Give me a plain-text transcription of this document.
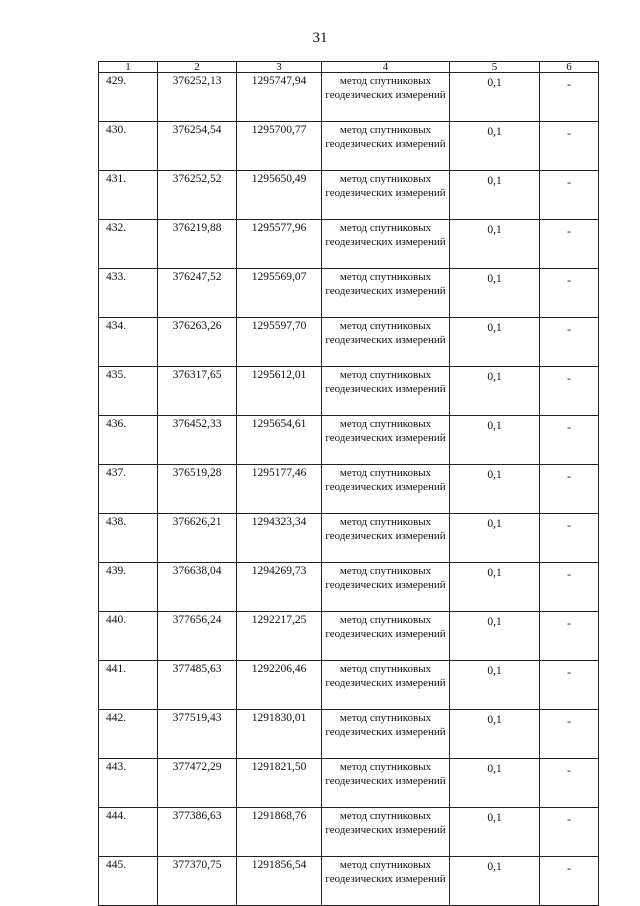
31
1	2	3	4	5	6
429.	376252,13	1295747,94	метод спутниковых геодезических измерений	0,1	-
430.	376254,54	1295700,77	метод спутниковых геодезических измерений	0,1	-
431.	376252,52	1295650,49	метод спутниковых геодезических измерений	0,1	-
432.	376219,88	1295577,96	метод спутниковых геодезических измерений	0,1	-
433.	376247,52	1295569,07	метод спутниковых геодезических измерений	0,1	-
434.	376263,26	1295597,70	метод спутниковых геодезических измерений	0,1	-
435.	376317,65	1295612,01	метод спутниковых геодезических измерений	0,1	-
436.	376452,33	1295654,61	метод спутниковых геодезических измерений	0,1	-
437.	376519,28	1295177,46	метод спутниковых геодезических измерений	0,1	-
438.	376626,21	1294323,34	метод спутниковых геодезических измерений	0,1	-
439.	376638,04	1294269,73	метод спутниковых геодезических измерений	0,1	-
440.	377656,24	1292217,25	метод спутниковых геодезических измерений	0,1	-
441.	377485,63	1292206,46	метод спутниковых геодезических измерений	0,1	-
442.	377519,43	1291830,01	метод спутниковых геодезических измерений	0,1	-
443.	377472,29	1291821,50	метод спутниковых геодезических измерений	0,1	-
444.	377386,63	1291868,76	метод спутниковых геодезических измерений	0,1	-
445.	377370,75	1291856,54	метод спутниковых геодезических измерений	0,1	-
